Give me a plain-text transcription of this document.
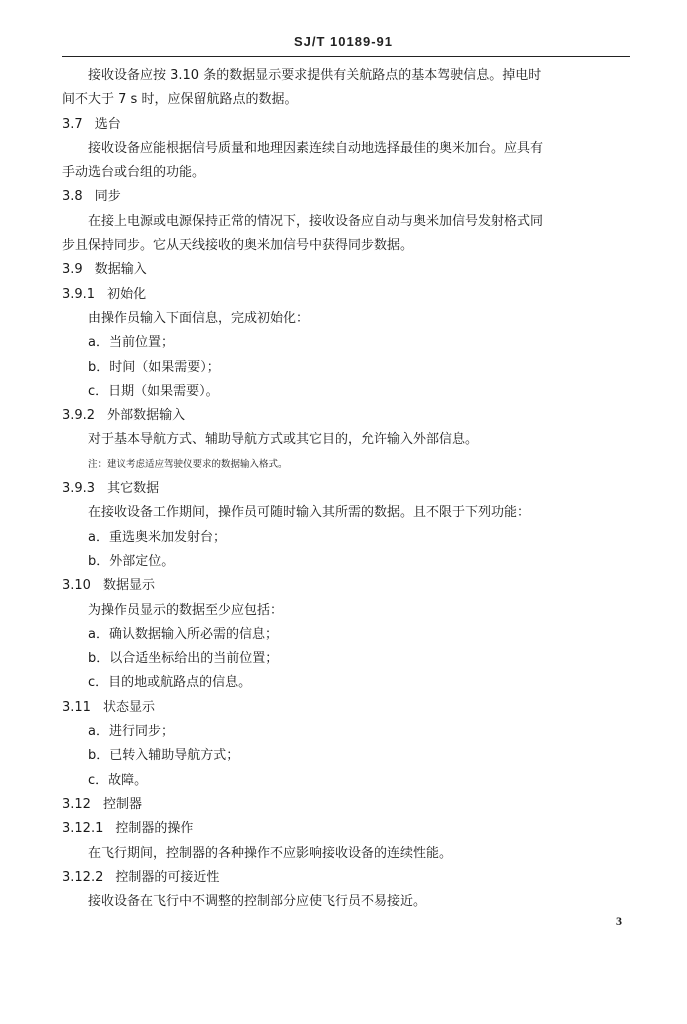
SJ/T 10189-91

接收设备应按 3.10 条的数据显示要求提供有关航路点的基本驾驶信息。掉电时

间不大于 7 s 时，应保留航路点的数据。

3.7 选台

接收设备应能根据信号质量和地理因素连续自动地选择最佳的奥米加台。应具有

手动选台或台组的功能。

3.8 同步

在接上电源或电源保持正常的情况下，接收设备应自动与奥米加信号发射格式同

步且保持同步。它从天线接收的奥米加信号中获得同步数据。

3.9 数据输入

3.9.1 初始化

由操作员输入下面信息，完成初始化：

a．当前位置；

b．时间（如果需要）；

c．日期（如果需要）。

3.9.2 外部数据输入

对于基本导航方式、辅助导航方式或其它目的，允许输入外部信息。

注：建议考虑适应驾驶仪要求的数据输入格式。

3.9.3 其它数据

在接收设备工作期间，操作员可随时输入其所需的数据。且不限于下列功能：

a．重选奥米加发射台；

b．外部定位。

3.10 数据显示

为操作员显示的数据至少应包括：

a．确认数据输入所必需的信息；

b．以合适坐标给出的当前位置；

c．目的地或航路点的信息。

3.11 状态显示

a．进行同步；

b．已转入辅助导航方式；

c．故障。

3.12 控制器

3.12.1 控制器的操作

在飞行期间，控制器的各种操作不应影响接收设备的连续性能。

3.12.2 控制器的可接近性

接收设备在飞行中不调整的控制部分应使飞行员不易接近。

3
